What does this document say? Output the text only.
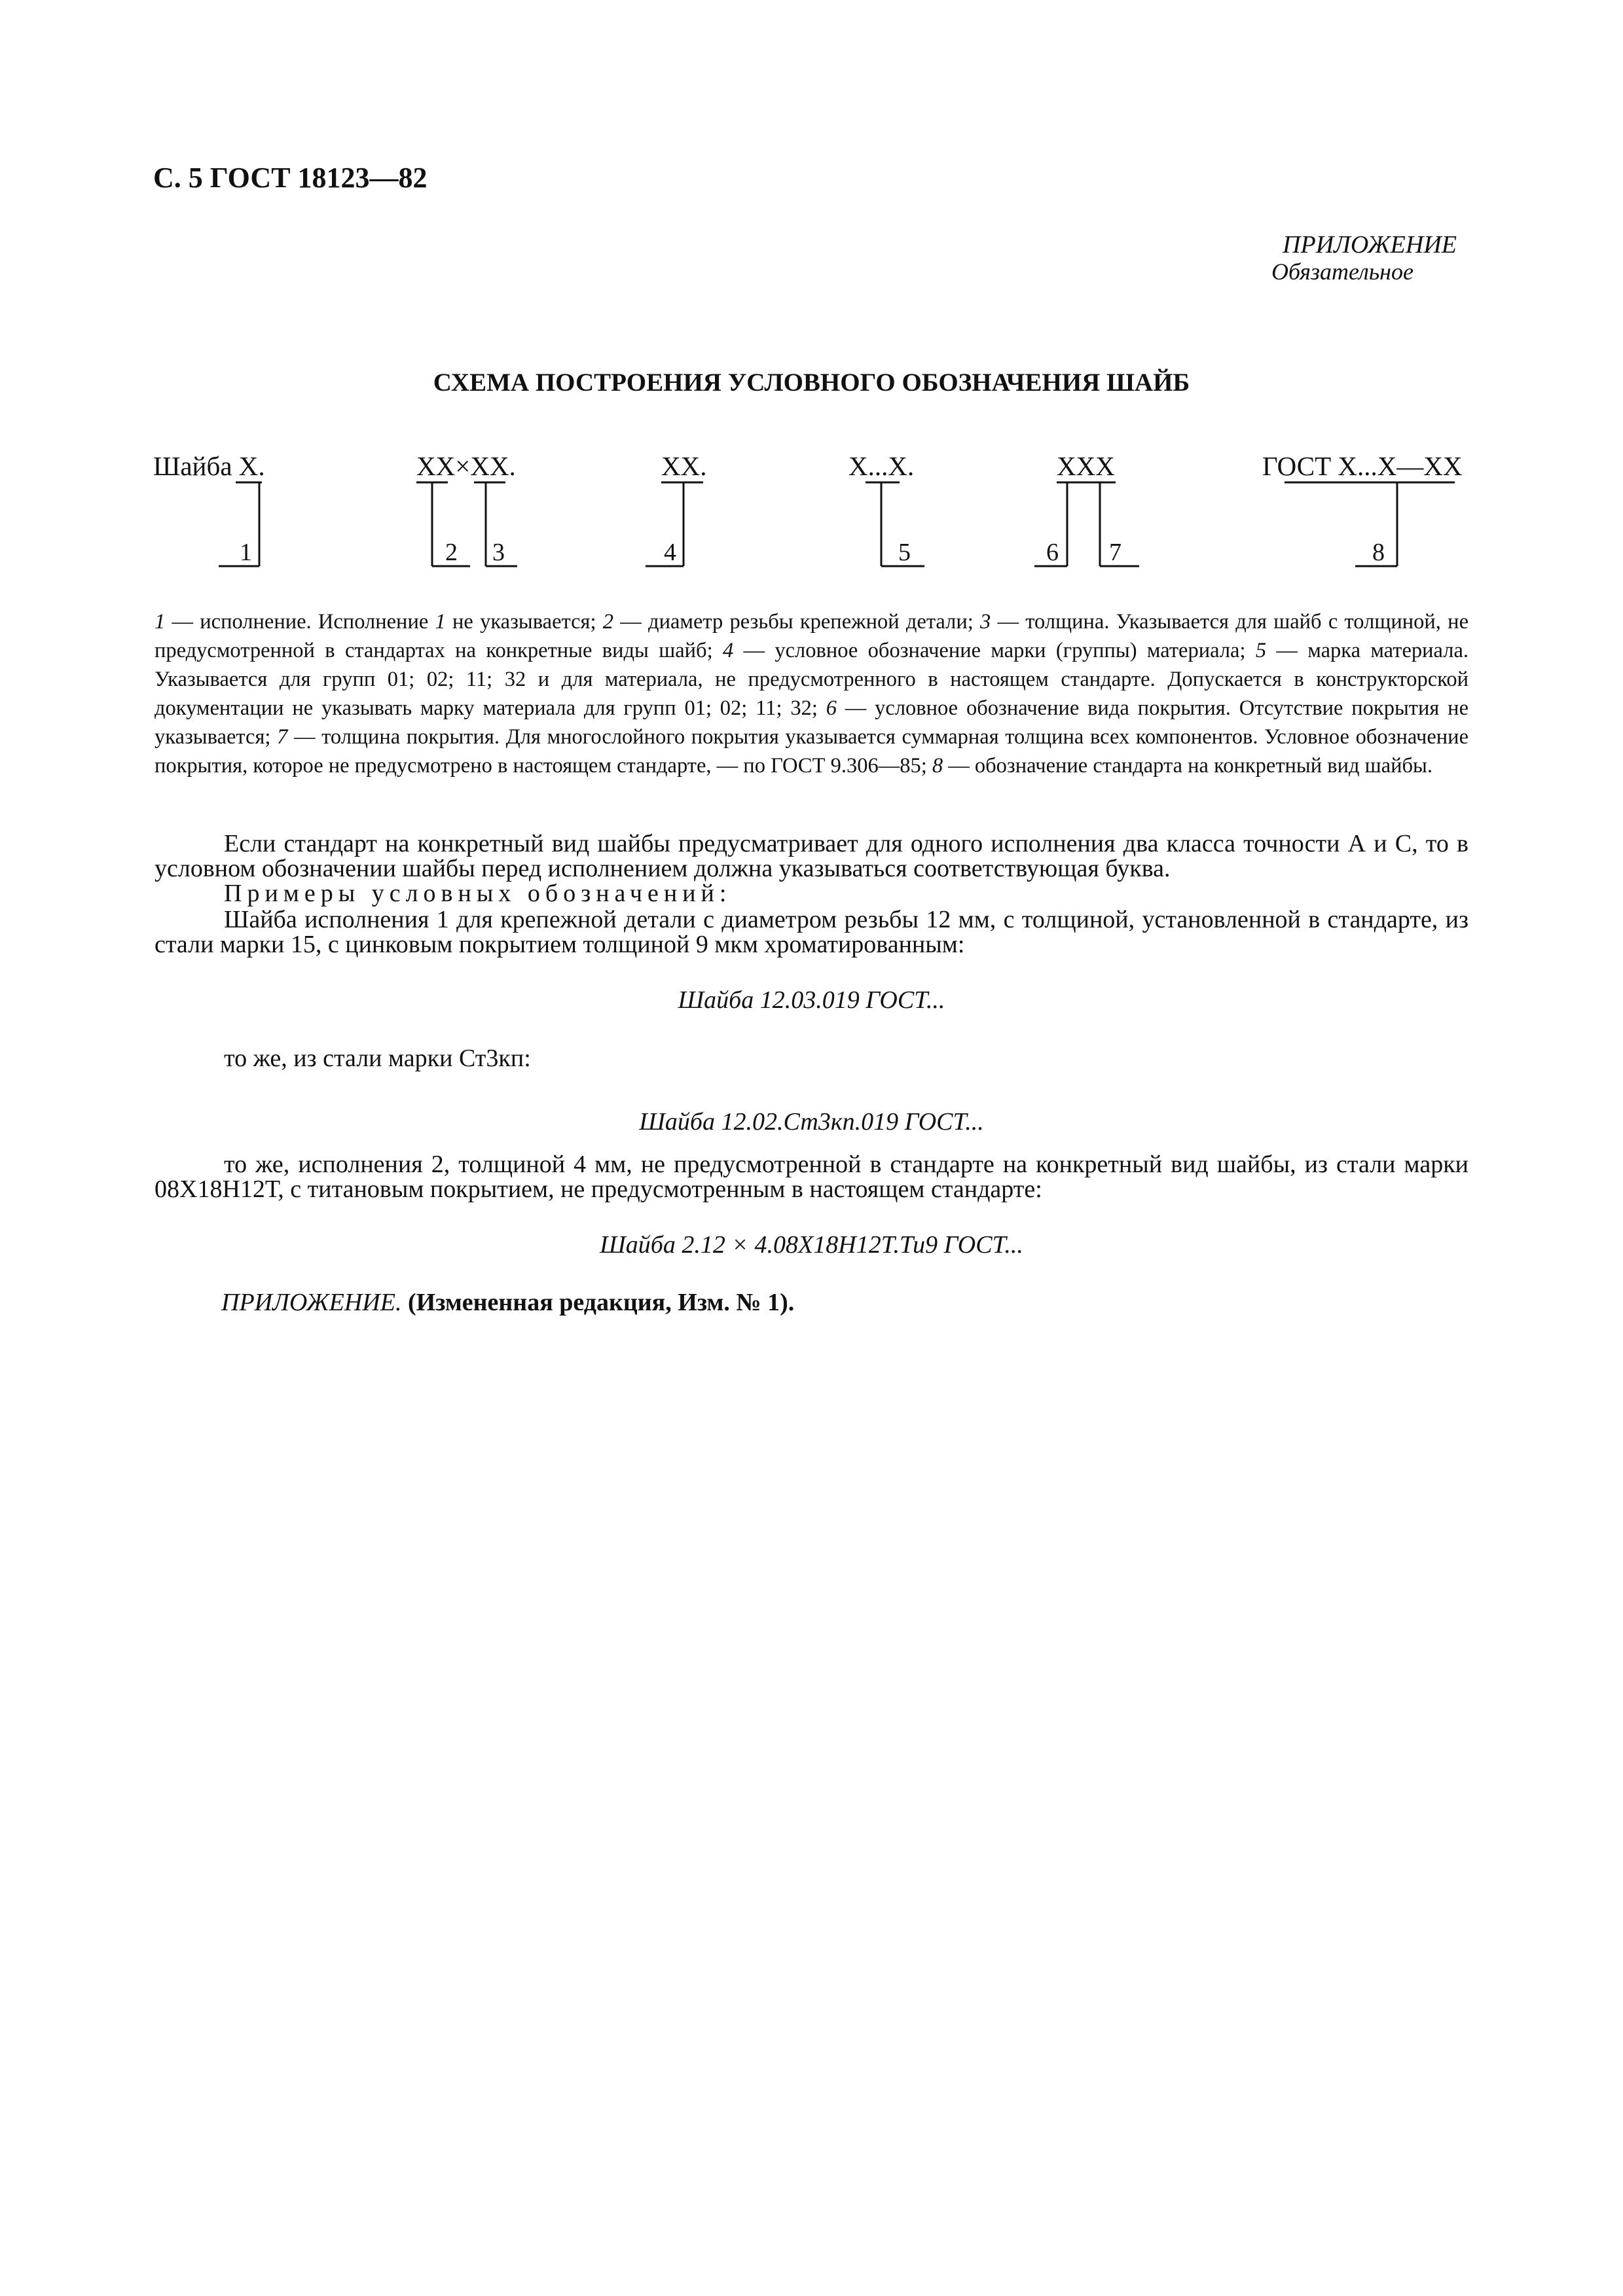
С. 5 ГОСТ 18123—82
ПРИЛОЖЕНИЕ
Обязательное
СХЕМА ПОСТРОЕНИЯ УСЛОВНОГО ОБОЗНАЧЕНИЯ ШАЙБ
Шайба Х.	ХХ×ХХ.	ХХ.	Х...Х.	ХХХ	ГОСТ Х...Х—ХХ
1	2 3	4	5	6 7	8
1 — исполнение. Исполнение 1 не указывается; 2 — диаметр резьбы крепежной детали; 3 — толщина. Указывается для шайб с толщиной, не предусмотренной в стандартах на конкретные виды шайб; 4 — условное обозначение марки (группы) материала; 5 — марка материала. Указывается для групп 01; 02; 11; 32 и для материала, не предусмотренного в настоящем стандарте. Допускается в конструкторской документации не указывать марку материала для групп 01; 02; 11; 32; 6 — условное обозначение вида покрытия. Отсутствие покрытия не указывается; 7 — толщина покрытия. Для многослойного покрытия указывается суммарная толщина всех компонентов. Условное обозначение покрытия, которое не предусмотрено в настоящем стандарте, — по ГОСТ 9.306—85; 8 — обозначение стандарта на конкретный вид шайбы.
Если стандарт на конкретный вид шайбы предусматривает для одного исполнения два класса точности А и С, то в условном обозначении шайбы перед исполнением должна указываться соответствующая буква.
Примеры условных обозначений:
Шайба исполнения 1 для крепежной детали с диаметром резьбы 12 мм, с толщиной, установленной в стандарте, из стали марки 15, с цинковым покрытием толщиной 9 мкм хроматированным:
Шайба 12.03.019 ГОСТ...
то же, из стали марки Ст3кп:
Шайба 12.02.Ст3кп.019 ГОСТ...
то же, исполнения 2, толщиной 4 мм, не предусмотренной в стандарте на конкретный вид шайбы, из стали марки 08Х18Н12Т, с титановым покрытием, не предусмотренным в настоящем стандарте:
Шайба 2.12 × 4.08Х18Н12Т.Ти9 ГОСТ...
ПРИЛОЖЕНИЕ. (Измененная редакция, Изм. № 1).
